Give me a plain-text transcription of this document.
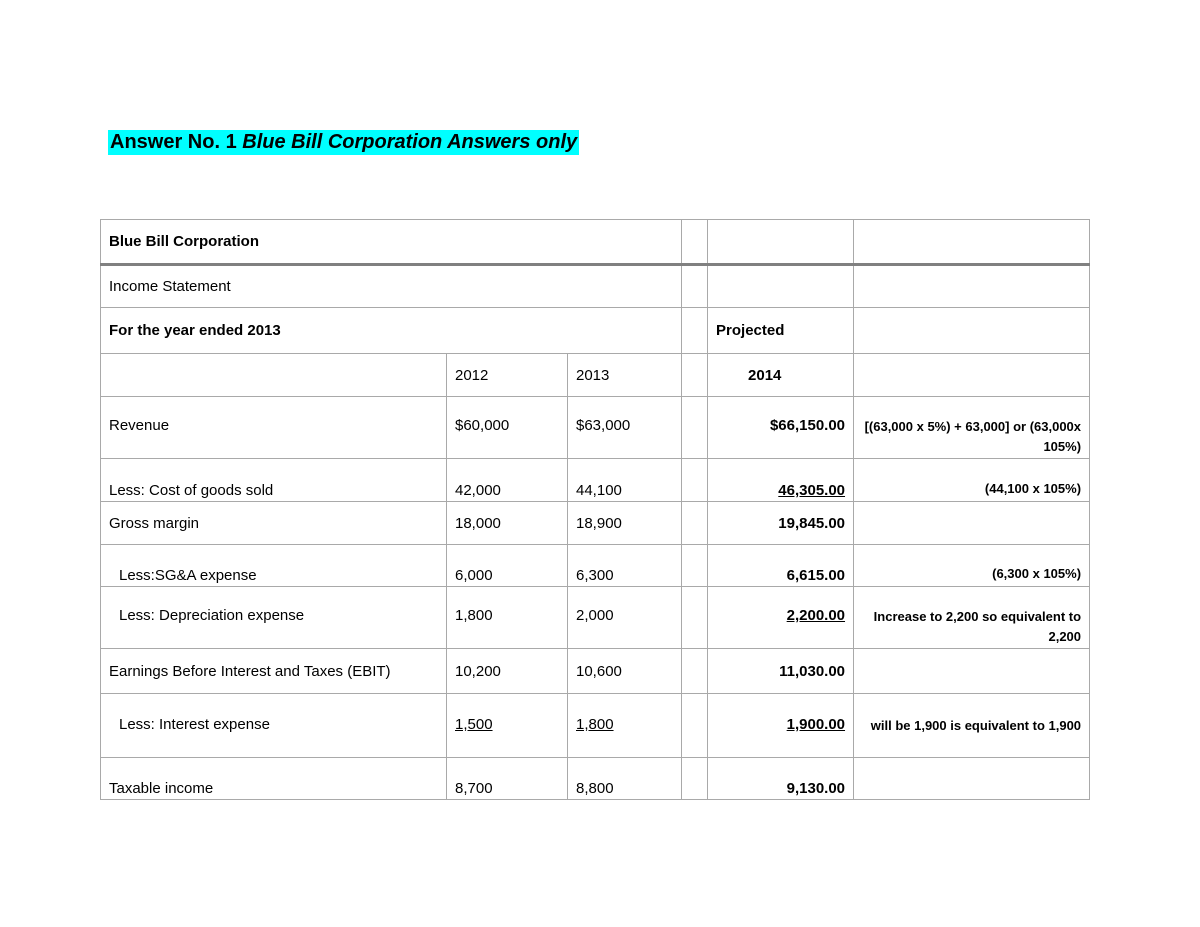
Answer No. 1 Blue Bill Corporation Answers only
Blue Bill Corporation					
Income Statement					
For the year ended 2013				Projected	
	2012	2013		2014	
Revenue	$60,000	$63,000		$66,150.00	[(63,000 x 5%) + 63,000] or (63,000x 105%)
Less: Cost of goods sold	42,000	44,100		46,305.00	(44,100 x 105%)
Gross margin	18,000	18,900		19,845.00	
Less:SG&A expense	6,000	6,300		6,615.00	(6,300 x 105%)
Less: Depreciation expense	1,800	2,000		2,200.00	Increase to 2,200 so equivalent to 2,200
Earnings Before Interest and Taxes (EBIT)	10,200	10,600		11,030.00	
Less: Interest expense	1,500	1,800		1,900.00	will be 1,900 is equivalent to 1,900
Taxable income	8,700	8,800		9,130.00	
